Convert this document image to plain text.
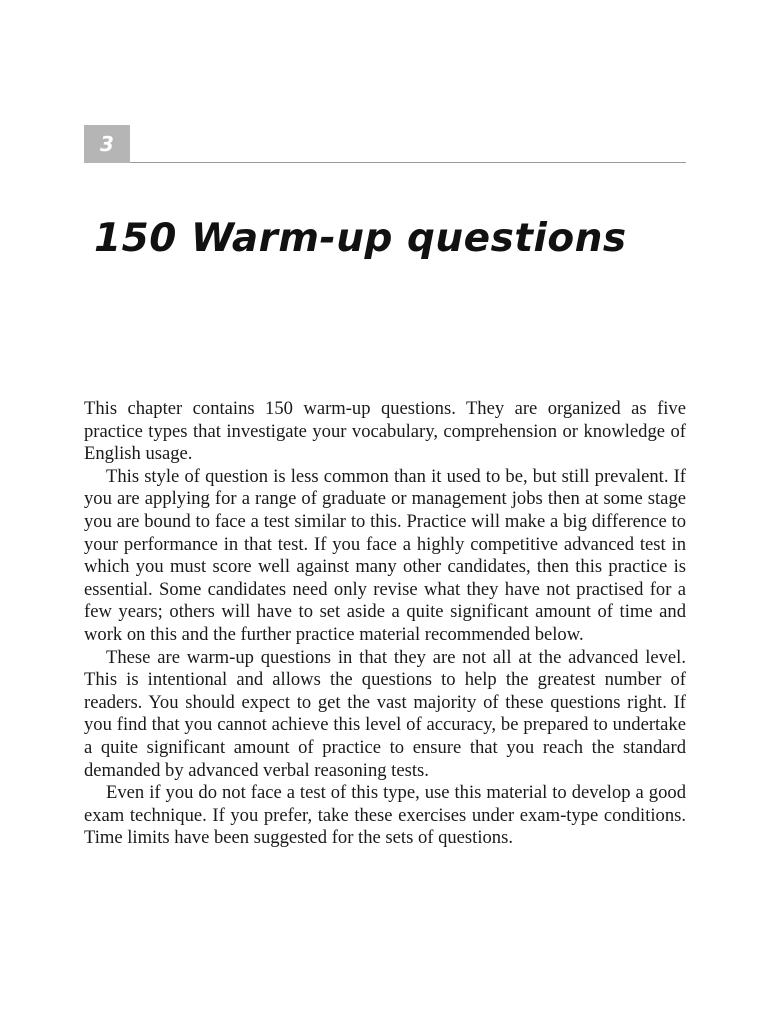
3
150 Warm-up questions

This chapter contains 150 warm-up questions. They are organized as five practice types that investigate your vocabulary, comprehension or knowledge of English usage.

This style of question is less common than it used to be, but still prevalent. If you are applying for a range of graduate or management jobs then at some stage you are bound to face a test similar to this. Practice will make a big difference to your performance in that test. If you face a highly competitive advanced test in which you must score well against many other candidates, then this practice is essential. Some candidates need only revise what they have not practised for a few years; others will have to set aside a quite significant amount of time and work on this and the further practice material recommended below.

These are warm-up questions in that they are not all at the advanced level. This is intentional and allows the questions to help the greatest number of readers. You should expect to get the vast majority of these questions right. If you find that you cannot achieve this level of accuracy, be prepared to undertake a quite significant amount of practice to ensure that you reach the standard demanded by advanced verbal reasoning tests.

Even if you do not face a test of this type, use this material to develop a good exam technique. If you prefer, take these exercises under exam-type conditions. Time limits have been suggested for the sets of questions.
